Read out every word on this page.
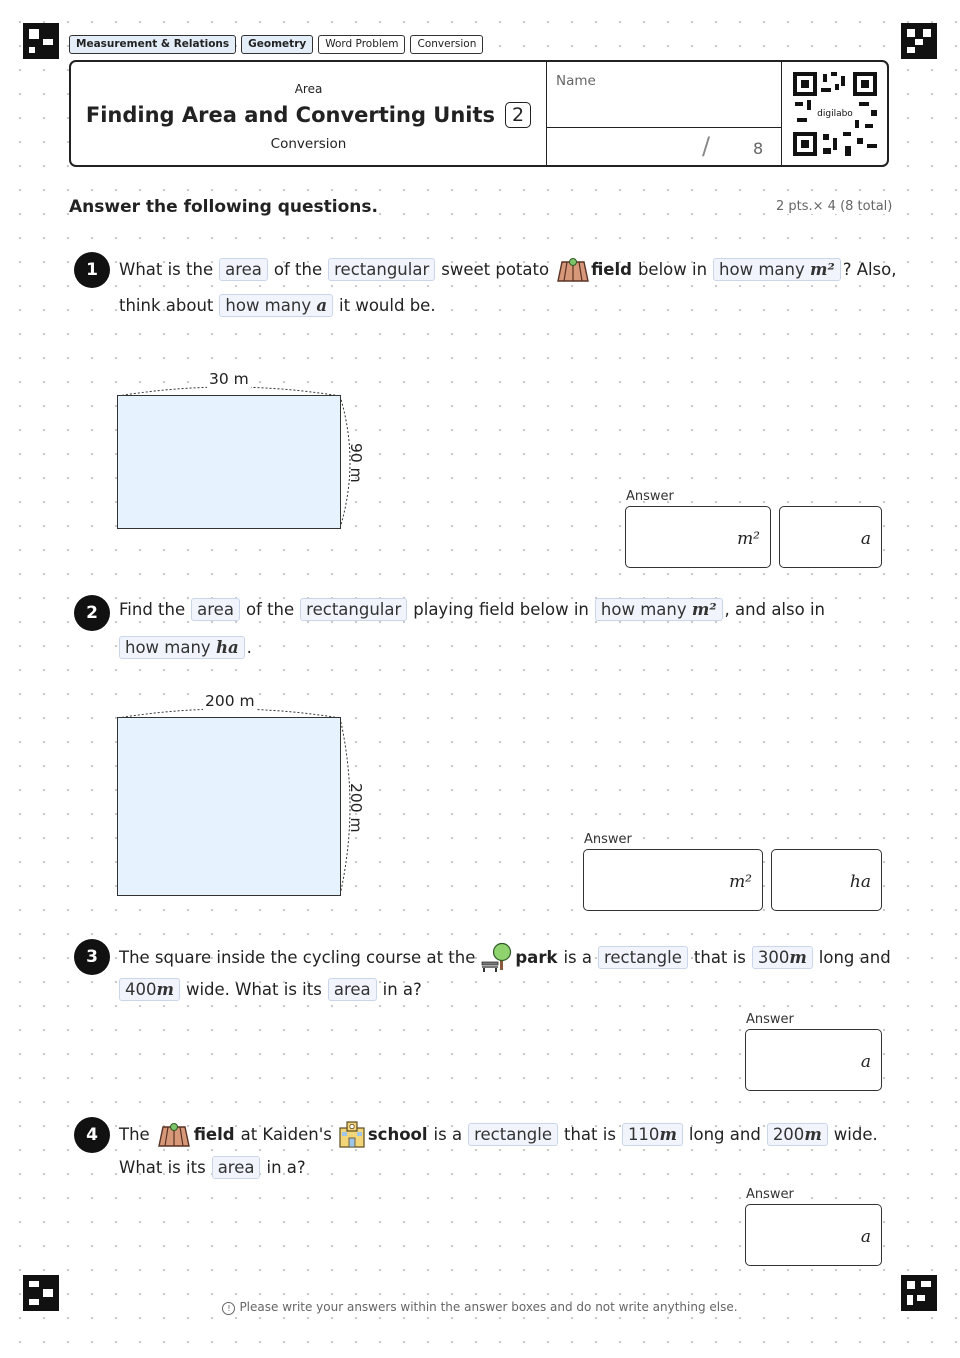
Measurement & Relations	Geometry	Word Problem	Conversion
Area
Finding Area and Converting Units 2
Conversion
Name
/	8
digilabo
Answer the following questions.	2 pts.× 4 (8 total)
1	What is the area of the rectangular sweet potato	field below in how many m² ? Also,
think about how many a it would be.
30 m
90 m
Answer
m²	a
2	Find the area of the rectangular playing field below in how many m² , and also in
how many ha .
200 m
200 m
Answer
m²	ha
3	The square inside the cycling course at the park is a rectangle that is 300m long and
400m wide. What is its area in a?
Answer
a
4	The	field at Kaiden's school is a rectangle that is 110m long and 200m wide.
What is its area in a?
Answer
a
! Please write your answers within the answer boxes and do not write anything else.
